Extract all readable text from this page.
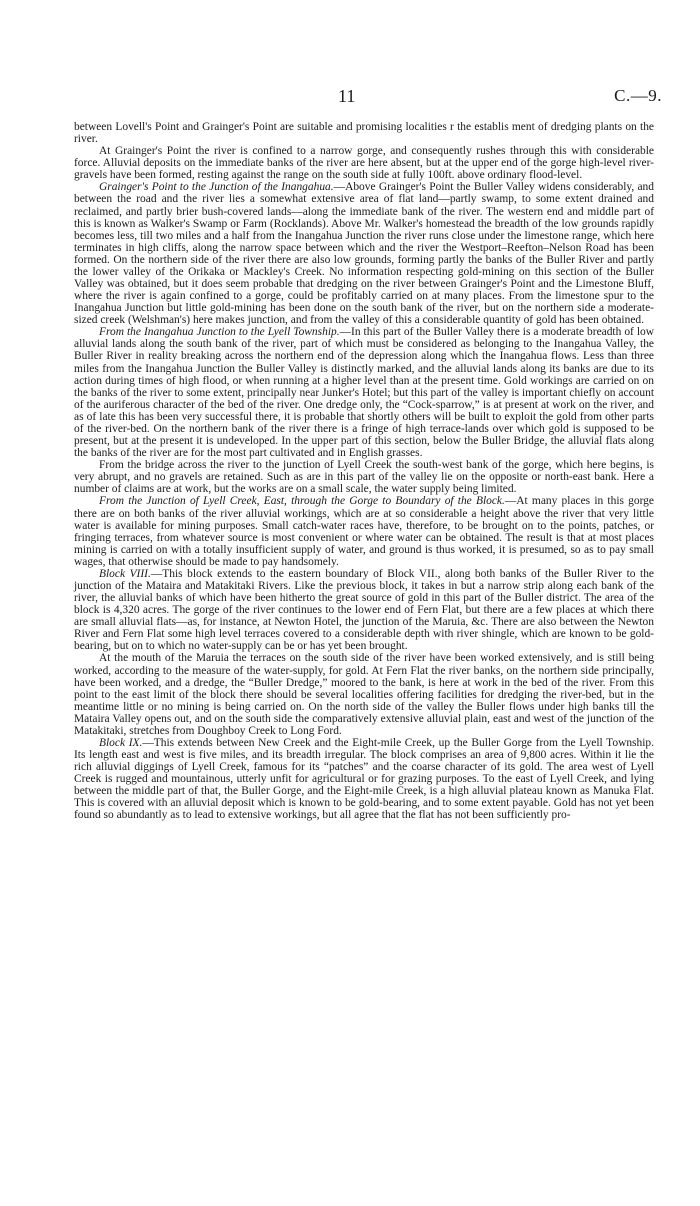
11	C.—9.

between Lovell's Point and Grainger's Point are suitable and promising localities r the establis ment of dredging plants on the river.

At Grainger's Point the river is confined to a narrow gorge, and consequently rushes through this with considerable force. Alluvial deposits on the immediate banks of the river are here absent, but at the upper end of the gorge high-level river-gravels have been formed, resting against the range on the south side at fully 100ft. above ordinary flood-level.

Grainger's Point to the Junction of the Inangahua.—Above Grainger's Point the Buller Valley widens considerably, and between the road and the river lies a somewhat extensive area of flat land—partly swamp, to some extent drained and reclaimed, and partly brier bush-covered lands—along the immediate bank of the river. The western end and middle part of this is known as Walker's Swamp or Farm (Rocklands). Above Mr. Walker's homestead the breadth of the low grounds rapidly becomes less, till two miles and a half from the Inangahua Junction the river runs close under the limestone range, which here terminates in high cliffs, along the narrow space between which and the river the Westport–Reefton–Nelson Road has been formed. On the northern side of the river there are also low grounds, forming partly the banks of the Buller River and partly the lower valley of the Orikaka or Mackley's Creek. No information respecting gold-mining on this section of the Buller Valley was obtained, but it does seem probable that dredging on the river between Grainger's Point and the Limestone Bluff, where the river is again confined to a gorge, could be profitably carried on at many places. From the limestone spur to the Inangahua Junction but little gold-mining has been done on the south bank of the river, but on the northern side a moderate-sized creek (Welshman's) here makes junction, and from the valley of this a considerable quantity of gold has been obtained.

From the Inangahua Junction to the Lyell Township.—In this part of the Buller Valley there is a moderate breadth of low alluvial lands along the south bank of the river, part of which must be considered as belonging to the Inangahua Valley, the Buller River in reality breaking across the northern end of the depression along which the Inangahua flows. Less than three miles from the Inangahua Junction the Buller Valley is distinctly marked, and the alluvial lands along its banks are due to its action during times of high flood, or when running at a higher level than at the present time. Gold workings are carried on on the banks of the river to some extent, principally near Junker's Hotel; but this part of the valley is important chiefly on account of the auriferous character of the bed of the river. One dredge only, the “Cock-sparrow,” is at present at work on the river, and as of late this has been very successful there, it is probable that shortly others will be built to exploit the gold from other parts of the river-bed. On the northern bank of the river there is a fringe of high terrace-lands over which gold is supposed to be present, but at the present it is undeveloped. In the upper part of this section, below the Buller Bridge, the alluvial flats along the banks of the river are for the most part cultivated and in English grasses.

From the bridge across the river to the junction of Lyell Creek the south-west bank of the gorge, which here begins, is very abrupt, and no gravels are retained. Such as are in this part of the valley lie on the opposite or north-east bank. Here a number of claims are at work, but the works are on a small scale, the water supply being limited.

From the Junction of Lyell Creek, East, through the Gorge to Boundary of the Block.—At many places in this gorge there are on both banks of the river alluvial workings, which are at so considerable a height above the river that very little water is available for mining purposes. Small catch-water races have, therefore, to be brought on to the points, patches, or fringing terraces, from whatever source is most convenient or where water can be obtained. The result is that at most places mining is carried on with a totally insufficient supply of water, and ground is thus worked, it is presumed, so as to pay small wages, that otherwise should be made to pay handsomely.

Block VIII.—This block extends to the eastern boundary of Block VII., along both banks of the Buller River to the junction of the Mataira and Matakitaki Rivers. Like the previous block, it takes in but a narrow strip along each bank of the river, the alluvial banks of which have been hitherto the great source of gold in this part of the Buller district. The area of the block is 4,320 acres. The gorge of the river continues to the lower end of Fern Flat, but there are a few places at which there are small alluvial flats—as, for instance, at Newton Hotel, the junction of the Maruia, &c. There are also between the Newton River and Fern Flat some high level terraces covered to a considerable depth with river shingle, which are known to be gold-bearing, but on to which no water-supply can be or has yet been brought.

At the mouth of the Maruia the terraces on the south side of the river have been worked extensively, and is still being worked, according to the measure of the water-supply, for gold. At Fern Flat the river banks, on the northern side principally, have been worked, and a dredge, the “Buller Dredge,” moored to the bank, is here at work in the bed of the river. From this point to the east limit of the block there should be several localities offering facilities for dredging the river-bed, but in the meantime little or no mining is being carried on. On the north side of the valley the Buller flows under high banks till the Mataira Valley opens out, and on the south side the comparatively extensive alluvial plain, east and west of the junction of the Matakitaki, stretches from Doughboy Creek to Long Ford.

Block IX.—This extends between New Creek and the Eight-mile Creek, up the Buller Gorge from the Lyell Township. Its length east and west is five miles, and its breadth irregular. The block comprises an area of 9,800 acres. Within it lie the rich alluvial diggings of Lyell Creek, famous for its “patches” and the coarse character of its gold. The area west of Lyell Creek is rugged and mountainous, utterly unfit for agricultural or for grazing purposes. To the east of Lyell Creek, and lying between the middle part of that, the Buller Gorge, and the Eight-mile Creek, is a high alluvial plateau known as Manuka Flat. This is covered with an alluvial deposit which is known to be gold-bearing, and to some extent payable. Gold has not yet been found so abundantly as to lead to extensive workings, but all agree that the flat has not been sufficiently pro-
